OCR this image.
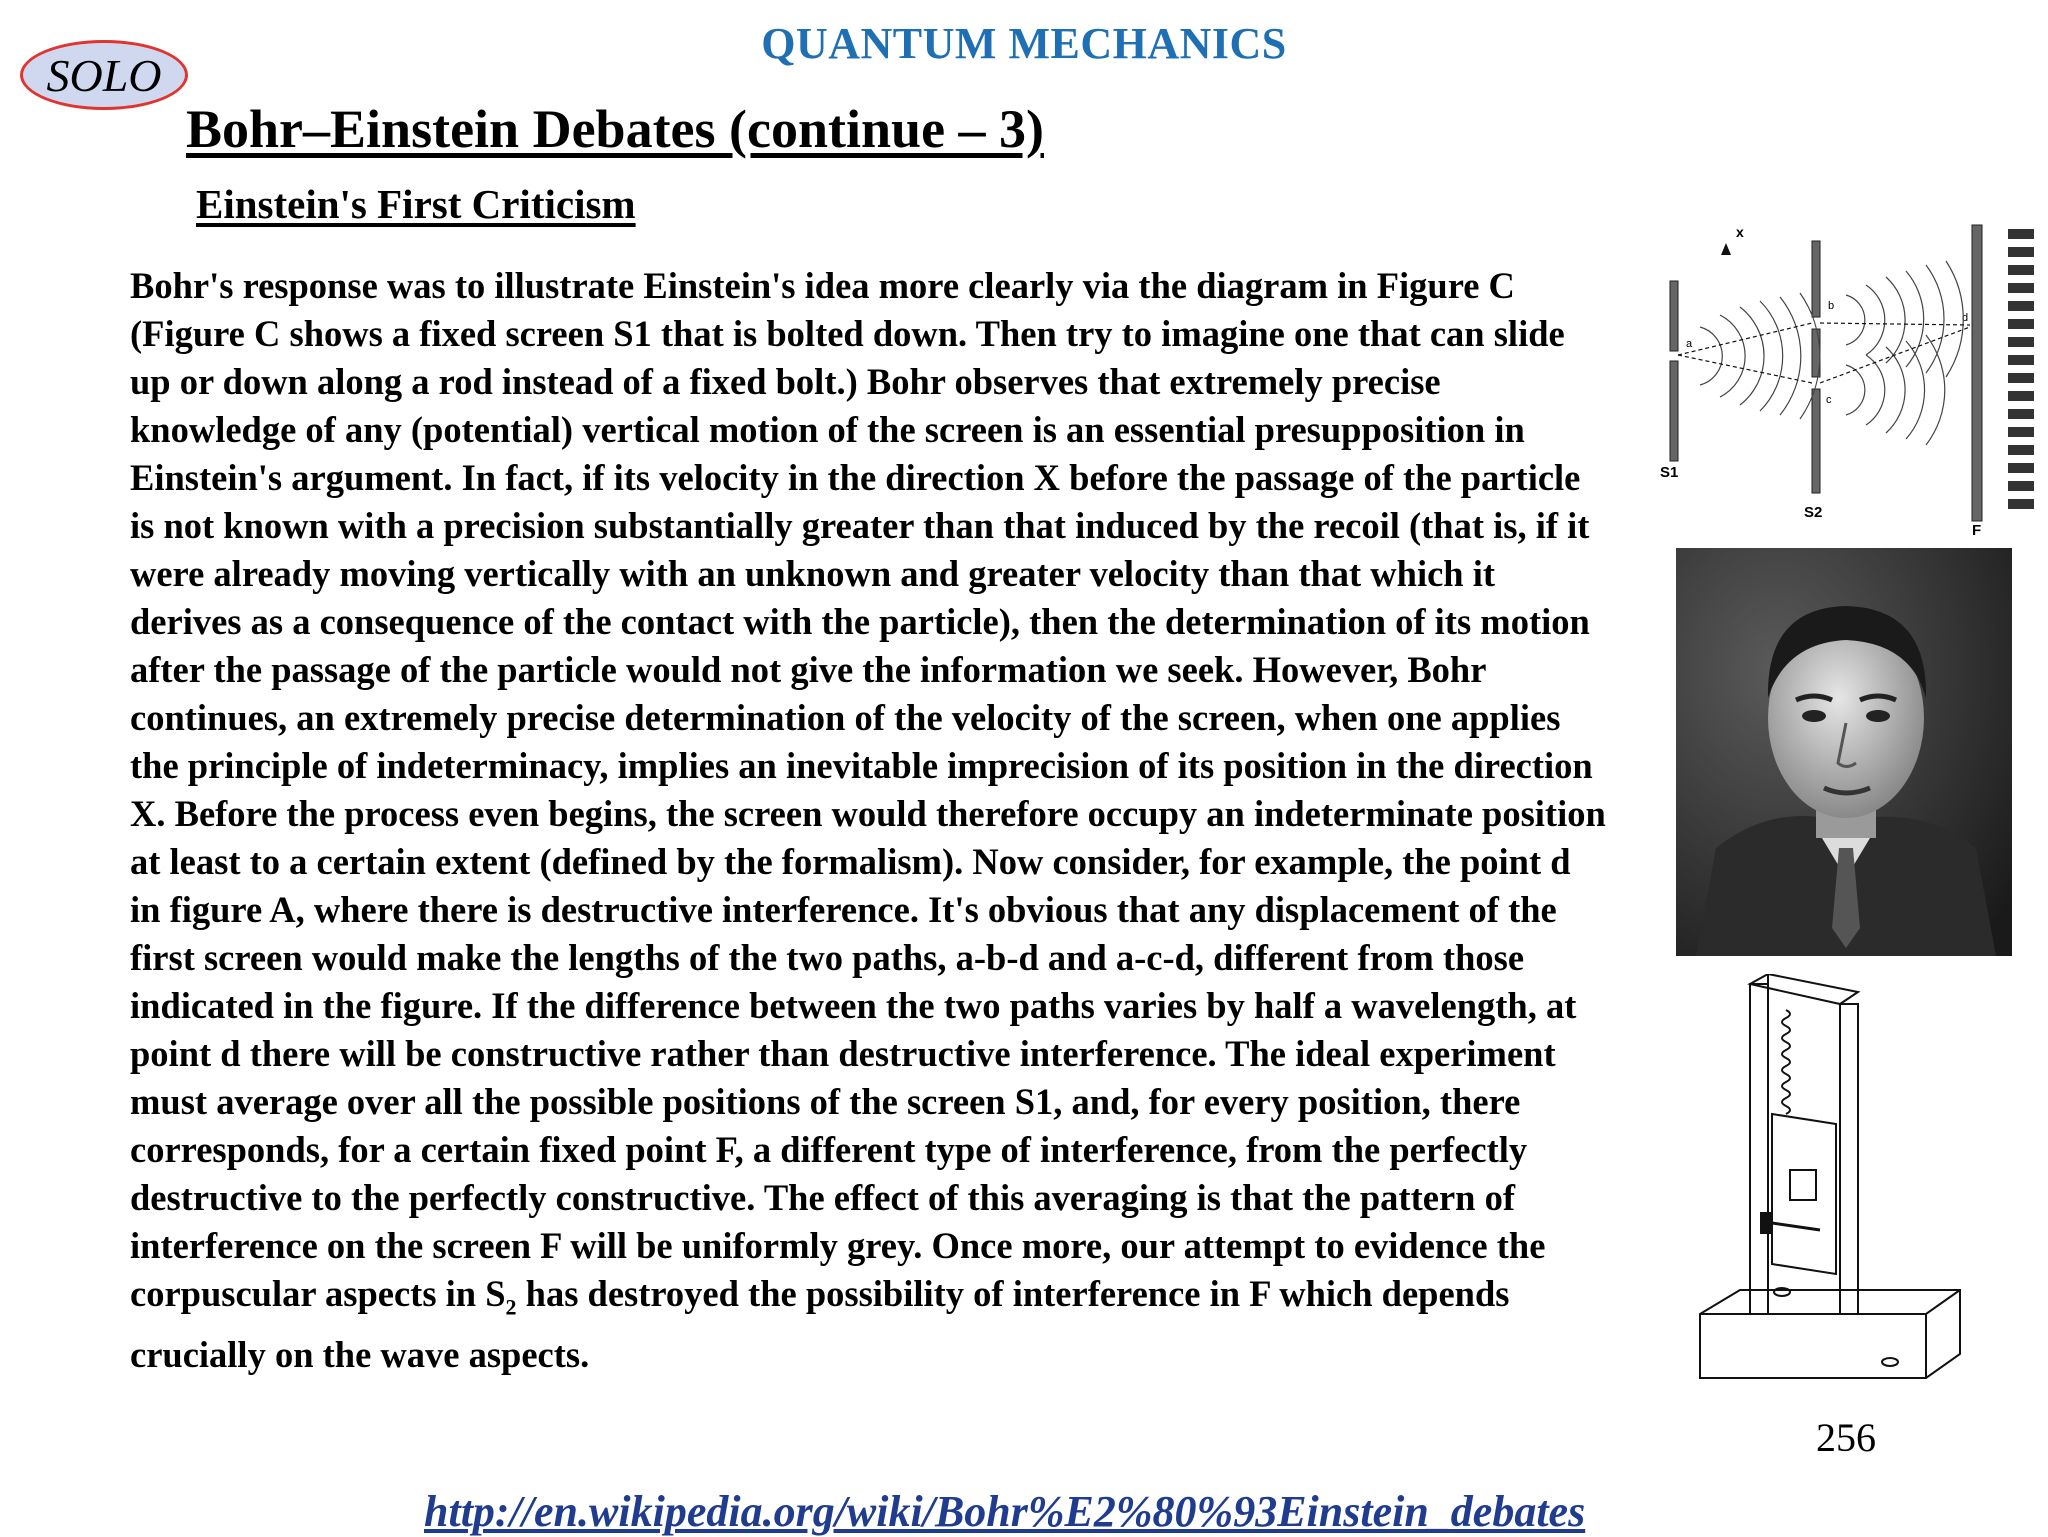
QUANTUM MECHANICS
SOLO
Bohr–Einstein Debates (continue – 3)
Einstein's First Criticism

Bohr's response was to illustrate Einstein's idea more clearly via the diagram in Figure C (Figure C shows a fixed screen S1 that is bolted down. Then try to imagine one that can slide up or down along a rod instead of a fixed bolt.) Bohr observes that extremely precise knowledge of any (potential) vertical motion of the screen is an essential presupposition in Einstein's argument. In fact, if its velocity in the direction X before the passage of the particle is not known with a precision substantially greater than that induced by the recoil (that is, if it were already moving vertically with an unknown and greater velocity than that which it derives as a consequence of the contact with the particle), then the determination of its motion after the passage of the particle would not give the information we seek. However, Bohr continues, an extremely precise determination of the velocity of the screen, when one applies the principle of indeterminacy, implies an inevitable imprecision of its position in the direction X. Before the process even begins, the screen would therefore occupy an indeterminate position at least to a certain extent (defined by the formalism). Now consider, for example, the point d in figure A, where there is destructive interference. It's obvious that any displacement of the first screen would make the lengths of the two paths, a-b-d and a-c-d, different from those indicated in the figure. If the difference between the two paths varies by half a wavelength, at point d there will be constructive rather than destructive interference. The ideal experiment must average over all the possible positions of the screen S1, and, for every position, there corresponds, for a certain fixed point F, a different type of interference, from the perfectly destructive to the perfectly constructive. The effect of this averaging is that the pattern of interference on the screen F will be uniformly grey. Once more, our attempt to evidence the corpuscular aspects in $S_2$ has destroyed the possibility of interference in F which depends crucially on the wave aspects.

x
a
S1
b
c
S2
d
F
256
http://en.wikipedia.org/wiki/Bohr%E2%80%93Einstein_debates
